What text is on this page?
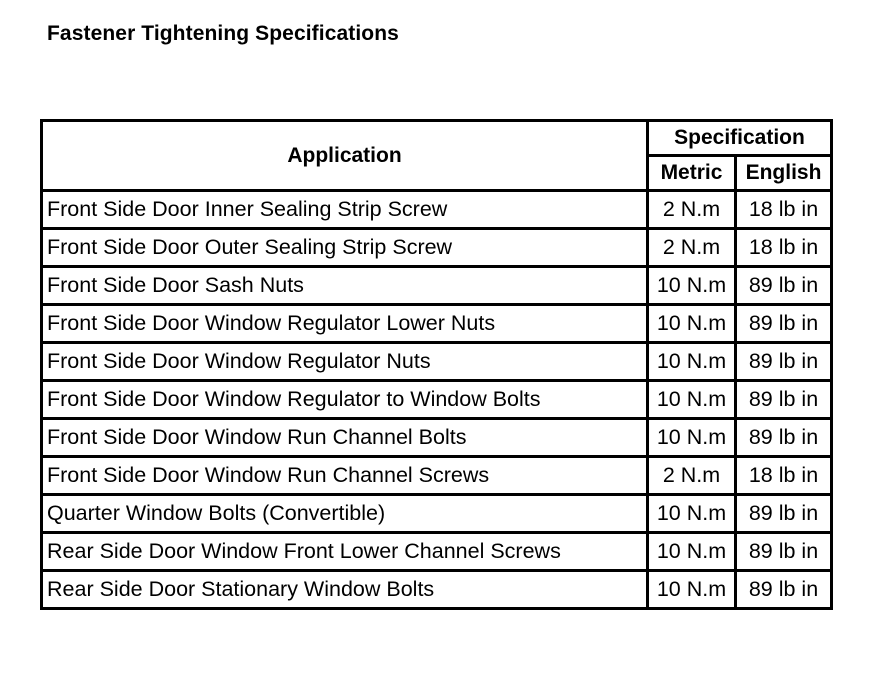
Fastener Tightening Specifications
Application	Specification	
	Metric	English
Front Side Door Inner Sealing Strip Screw	2 N.m	18 lb in
Front Side Door Outer Sealing Strip Screw	2 N.m	18 lb in
Front Side Door Sash Nuts	10 N.m	89 lb in
Front Side Door Window Regulator Lower Nuts	10 N.m	89 lb in
Front Side Door Window Regulator Nuts	10 N.m	89 lb in
Front Side Door Window Regulator to Window Bolts	10 N.m	89 lb in
Front Side Door Window Run Channel Bolts	10 N.m	89 lb in
Front Side Door Window Run Channel Screws	2 N.m	18 lb in
Quarter Window Bolts (Convertible)	10 N.m	89 lb in
Rear Side Door Window Front Lower Channel Screws	10 N.m	89 lb in
Rear Side Door Stationary Window Bolts	10 N.m	89 lb in
